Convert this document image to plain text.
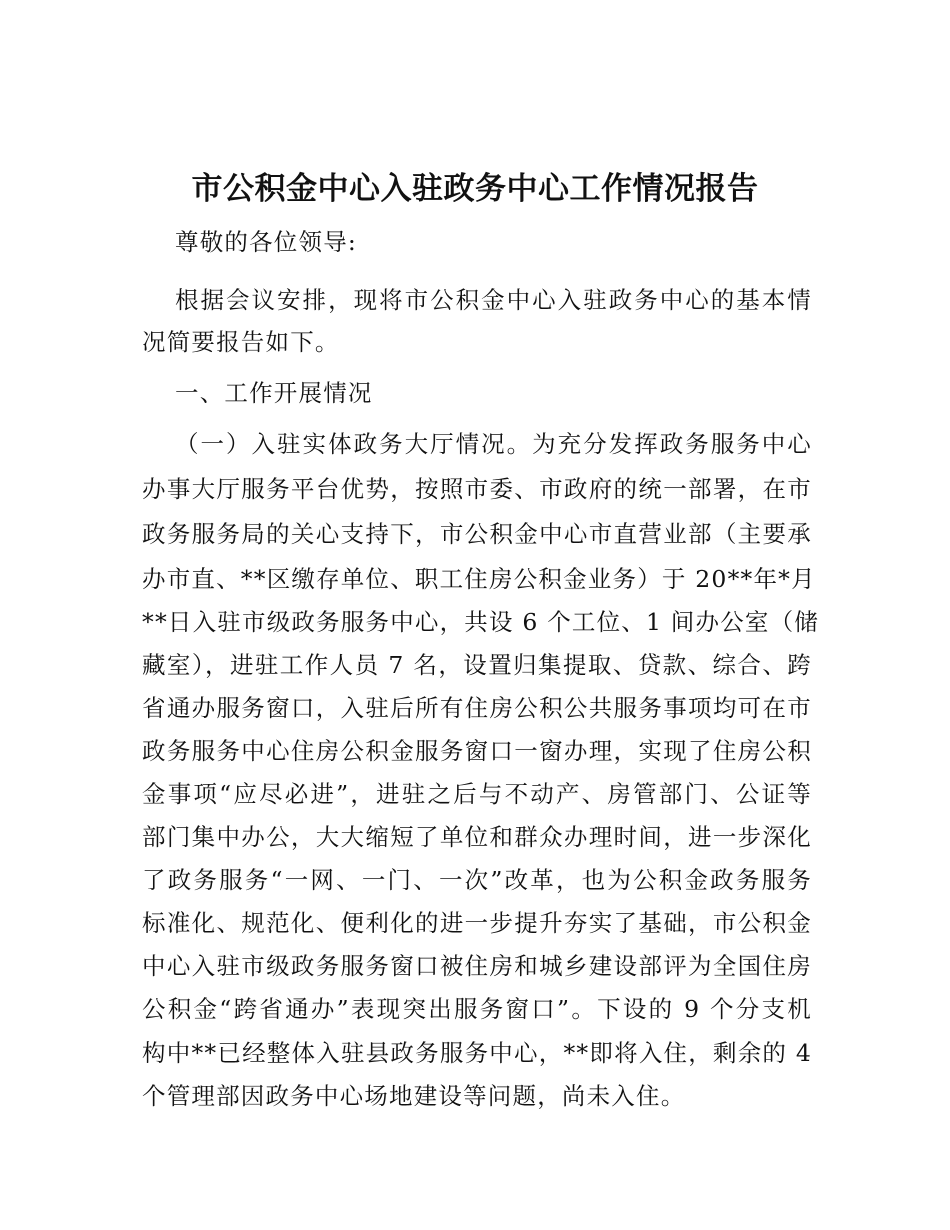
市公积金中心入驻政务中心工作情况报告
尊敬的各位领导:
根据会议安排，现将市公积金中心入驻政务中心的基本情
况简要报告如下。
一、工作开展情况
（一）入驻实体政务大厅情况。为充分发挥政务服务中心
办事大厅服务平台优势，按照市委、市政府的统一部署，在市
政务服务局的关心支持下，市公积金中心市直营业部（主要承
办市直、**区缴存单位、职工住房公积金业务）于 20**年*月
**日入驻市级政务服务中心，共设 6 个工位、1 间办公室（储
藏室），进驻工作人员 7 名，设置归集提取、贷款、综合、跨
省通办服务窗口，入驻后所有住房公积公共服务事项均可在市
政务服务中心住房公积金服务窗口一窗办理，实现了住房公积
金事项“应尽必进”，进驻之后与不动产、房管部门、公证等
部门集中办公，大大缩短了单位和群众办理时间，进一步深化
了政务服务“一网、一门、一次”改革，也为公积金政务服务
标准化、规范化、便利化的进一步提升夯实了基础，市公积金
中心入驻市级政务服务窗口被住房和城乡建设部评为全国住房
公积金“跨省通办”表现突出服务窗口”。下设的 9 个分支机
构中**已经整体入驻县政务服务中心，**即将入住，剩余的 4
个管理部因政务中心场地建设等问题，尚未入住。
